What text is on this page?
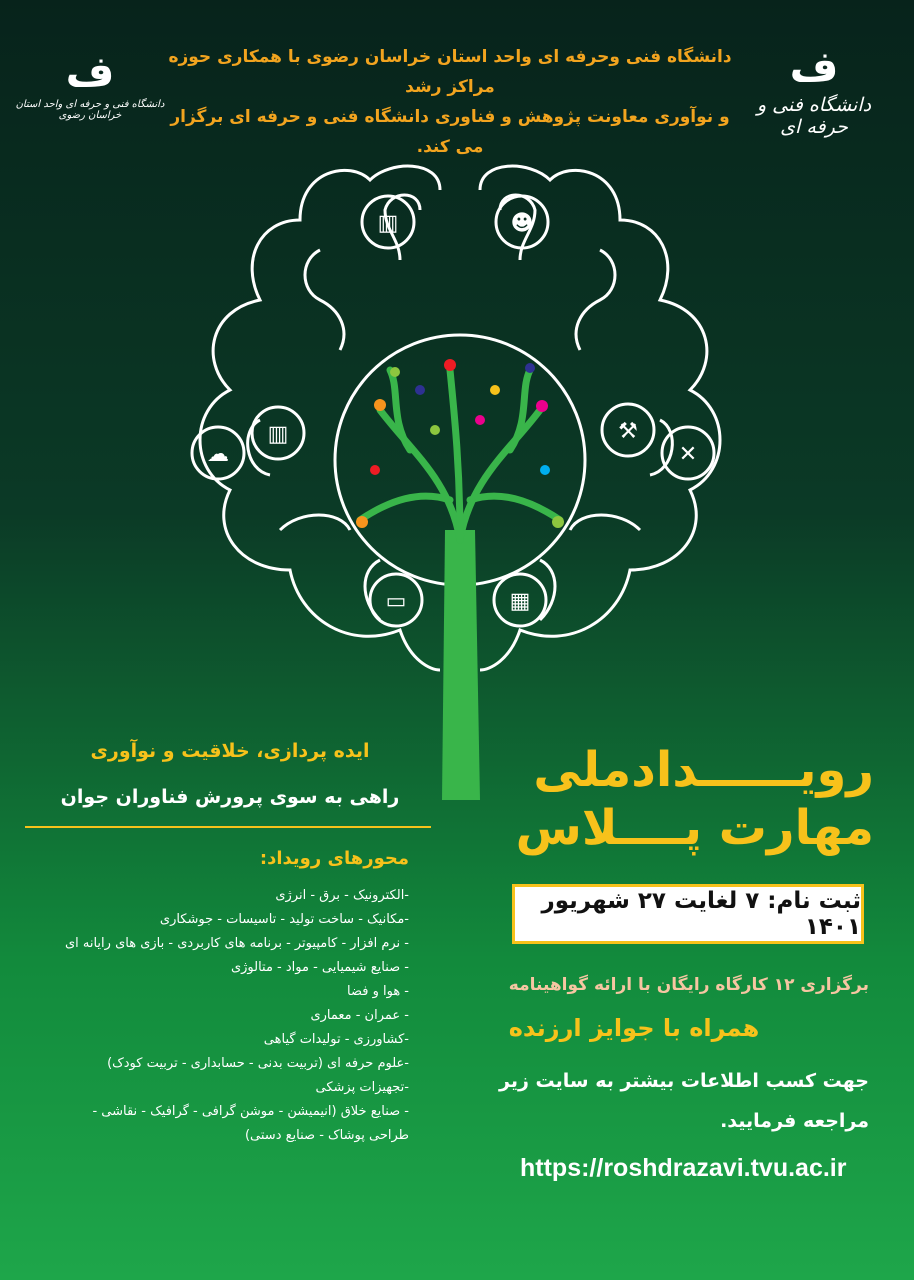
دانشگاه فنی وحرفه ای واحد استان خراسان رضوی با همکاری حوزه مراکز رشد
و نوآوری معاونت پژوهش و فناوری دانشگاه فنی و حرفه ای برگزار می کند.
ف
دانشگاه فنی و حرفه ای
ف
دانشگاه فنی و حرفه ای واحد استان خراسان رضوی
▥	☻
☁
▥	⚒
✕
▭	▦
ایده پردازی، خلاقیت و نوآوری
راهی به سوی پرورش فناوران جوان
محورهای رویداد:
-الکترونیک - برق - انرژی
-مکانیک - ساخت تولید - تاسیسات - جوشکاری
- نرم افزار - کامپیوتر - برنامه های کاربردی - بازی های رایانه ای
- صنایع شیمیایی - مواد - متالوژی
- هوا و فضا
- عمران - معماری
-کشاورزی - تولیدات گیاهی
-علوم حرفه ای (تربیت بدنی - حسابداری - تربیت کودک)
-تجهیزات پزشکی
- صنایع خلاق (انیمیشن - موشن گرافی - گرافیک - نقاشی -
طراحی پوشاک - صنایع دستی)
رویــــــدادملی
مهارت پــــلاس
ثبت نام: ۷ لغایت ۲۷ شهریور ۱۴۰۱
برگزاری ۱۲ کارگاه رایگان با ارائه گواهینامه
همراه با جوایز ارزنده
جهت کسب اطلاعات بیشتر به سایت زیر
مراجعه فرمایید.
https://roshdrazavi.tvu.ac.ir
